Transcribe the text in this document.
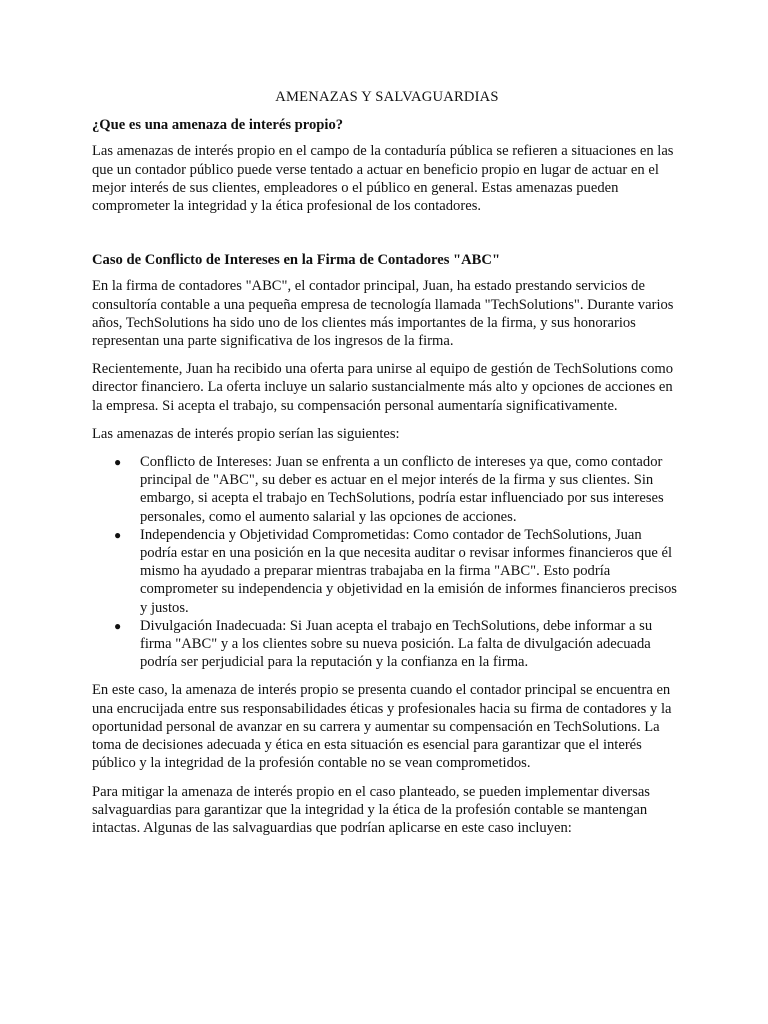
AMENAZAS Y SALVAGUARDIAS
¿Que es una amenaza de interés propio?

Las amenazas de interés propio en el campo de la contaduría pública se refieren a situaciones en las que un contador público puede verse tentado a actuar en beneficio propio en lugar de actuar en el mejor interés de sus clientes, empleadores o el público en general. Estas amenazas pueden comprometer la integridad y la ética profesional de los contadores.

Caso de Conflicto de Intereses en la Firma de Contadores "ABC"

En la firma de contadores "ABC", el contador principal, Juan, ha estado prestando servicios de consultoría contable a una pequeña empresa de tecnología llamada "TechSolutions". Durante varios años, TechSolutions ha sido uno de los clientes más importantes de la firma, y sus honorarios representan una parte significativa de los ingresos de la firma.

Recientemente, Juan ha recibido una oferta para unirse al equipo de gestión de TechSolutions como director financiero. La oferta incluye un salario sustancialmente más alto y opciones de acciones en la empresa. Si acepta el trabajo, su compensación personal aumentaría significativamente.

Las amenazas de interés propio serían las siguientes:

● Conflicto de Intereses: Juan se enfrenta a un conflicto de intereses ya que, como contador principal de "ABC", su deber es actuar en el mejor interés de la firma y sus clientes. Sin embargo, si acepta el trabajo en TechSolutions, podría estar influenciado por sus intereses personales, como el aumento salarial y las opciones de acciones.
● Independencia y Objetividad Comprometidas: Como contador de TechSolutions, Juan podría estar en una posición en la que necesita auditar o revisar informes financieros que él mismo ha ayudado a preparar mientras trabajaba en la firma "ABC". Esto podría comprometer su independencia y objetividad en la emisión de informes financieros precisos y justos.
● Divulgación Inadecuada: Si Juan acepta el trabajo en TechSolutions, debe informar a su firma "ABC" y a los clientes sobre su nueva posición. La falta de divulgación adecuada podría ser perjudicial para la reputación y la confianza en la firma.

En este caso, la amenaza de interés propio se presenta cuando el contador principal se encuentra en una encrucijada entre sus responsabilidades éticas y profesionales hacia su firma de contadores y la oportunidad personal de avanzar en su carrera y aumentar su compensación en TechSolutions. La toma de decisiones adecuada y ética en esta situación es esencial para garantizar que el interés público y la integridad de la profesión contable no se vean comprometidos.

Para mitigar la amenaza de interés propio en el caso planteado, se pueden implementar diversas salvaguardias para garantizar que la integridad y la ética de la profesión contable se mantengan intactas. Algunas de las salvaguardias que podrían aplicarse en este caso incluyen:
